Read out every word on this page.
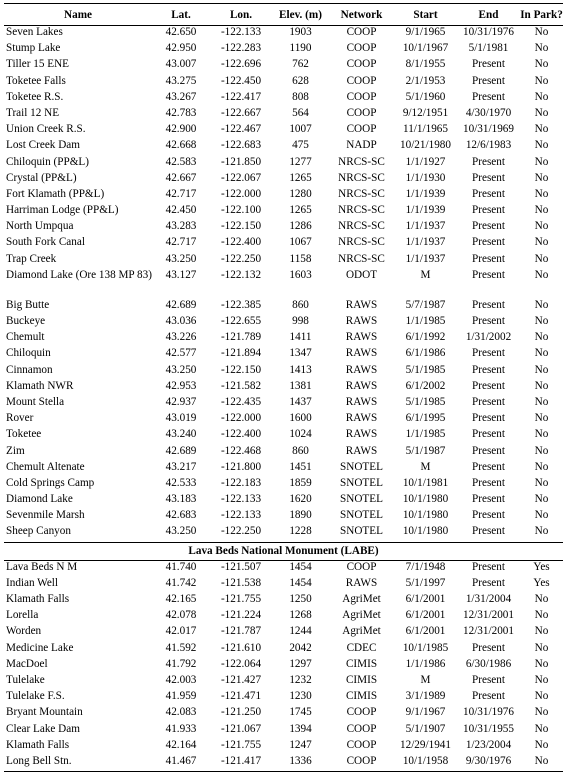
Name	Lat.	Lon.	Elev. (m)	Network	Start	End	In Park?
Seven Lakes	42.650	-122.133	1903	COOP	9/1/1965	10/31/1976	No
Stump Lake	42.950	-122.283	1190	COOP	10/1/1967	5/1/1981	No
Tiller 15 ENE	43.007	-122.696	762	COOP	8/1/1955	Present	No
Toketee Falls	43.275	-122.450	628	COOP	2/1/1953	Present	No
Toketee R.S.	43.267	-122.417	808	COOP	5/1/1960	Present	No
Trail 12 NE	42.783	-122.667	564	COOP	9/12/1951	4/30/1970	No
Union Creek R.S.	42.900	-122.467	1007	COOP	11/1/1965	10/31/1969	No
Lost Creek Dam	42.668	-122.683	475	NADP	10/21/1980	12/6/1983	No
Chiloquin (PP&L)	42.583	-121.850	1277	NRCS-SC	1/1/1927	Present	No
Crystal (PP&L)	42.667	-122.067	1265	NRCS-SC	1/1/1930	Present	No
Fort Klamath (PP&L)	42.717	-122.000	1280	NRCS-SC	1/1/1939	Present	No
Harriman Lodge (PP&L)	42.450	-122.100	1265	NRCS-SC	1/1/1939	Present	No
North Umpqua	43.283	-122.150	1286	NRCS-SC	1/1/1937	Present	No
South Fork Canal	42.717	-122.400	1067	NRCS-SC	1/1/1937	Present	No
Trap Creek	43.250	-122.250	1158	NRCS-SC	1/1/1937	Present	No
Diamond Lake (Ore 138 MP 83)	43.127	-122.132	1603	ODOT	M	Present	No
Big Butte	42.689	-122.385	860	RAWS	5/7/1987	Present	No
Buckeye	43.036	-122.655	998	RAWS	1/1/1985	Present	No
Chemult	43.226	-121.789	1411	RAWS	6/1/1992	1/31/2002	No
Chiloquin	42.577	-121.894	1347	RAWS	6/1/1986	Present	No
Cinnamon	43.250	-122.150	1413	RAWS	5/1/1985	Present	No
Klamath NWR	42.953	-121.582	1381	RAWS	6/1/2002	Present	No
Mount Stella	42.937	-122.435	1437	RAWS	5/1/1985	Present	No
Rover	43.019	-122.000	1600	RAWS	6/1/1995	Present	No
Toketee	43.240	-122.400	1024	RAWS	1/1/1985	Present	No
Zim	42.689	-122.468	860	RAWS	5/1/1987	Present	No
Chemult Altenate	43.217	-121.800	1451	SNOTEL	M	Present	No
Cold Springs Camp	42.533	-122.183	1859	SNOTEL	10/1/1981	Present	No
Diamond Lake	43.183	-122.133	1620	SNOTEL	10/1/1980	Present	No
Sevenmile Marsh	42.683	-122.133	1890	SNOTEL	10/1/1980	Present	No
Sheep Canyon	43.250	-122.250	1228	SNOTEL	10/1/1980	Present	No
Lava Beds National Monument (LABE)							
Lava Beds N M	41.740	-121.507	1454	COOP	7/1/1948	Present	Yes
Indian Well	41.742	-121.538	1454	RAWS	5/1/1997	Present	Yes
Klamath Falls	42.165	-121.755	1250	AgriMet	6/1/2001	1/31/2004	No
Lorella	42.078	-121.224	1268	AgriMet	6/1/2001	12/31/2001	No
Worden	42.017	-121.787	1244	AgriMet	6/1/2001	12/31/2001	No
Medicine Lake	41.592	-121.610	2042	CDEC	10/1/1985	Present	No
MacDoel	41.792	-122.064	1297	CIMIS	1/1/1986	6/30/1986	No
Tulelake	42.003	-121.427	1232	CIMIS	M	Present	No
Tulelake F.S.	41.959	-121.471	1230	CIMIS	3/1/1989	Present	No
Bryant Mountain	42.083	-121.250	1745	COOP	9/1/1967	10/31/1976	No
Clear Lake Dam	41.933	-121.067	1394	COOP	5/1/1907	10/31/1955	No
Klamath Falls	42.164	-121.755	1247	COOP	12/29/1941	1/23/2004	No
Long Bell Stn.	41.467	-121.417	1336	COOP	10/1/1958	9/30/1976	No
